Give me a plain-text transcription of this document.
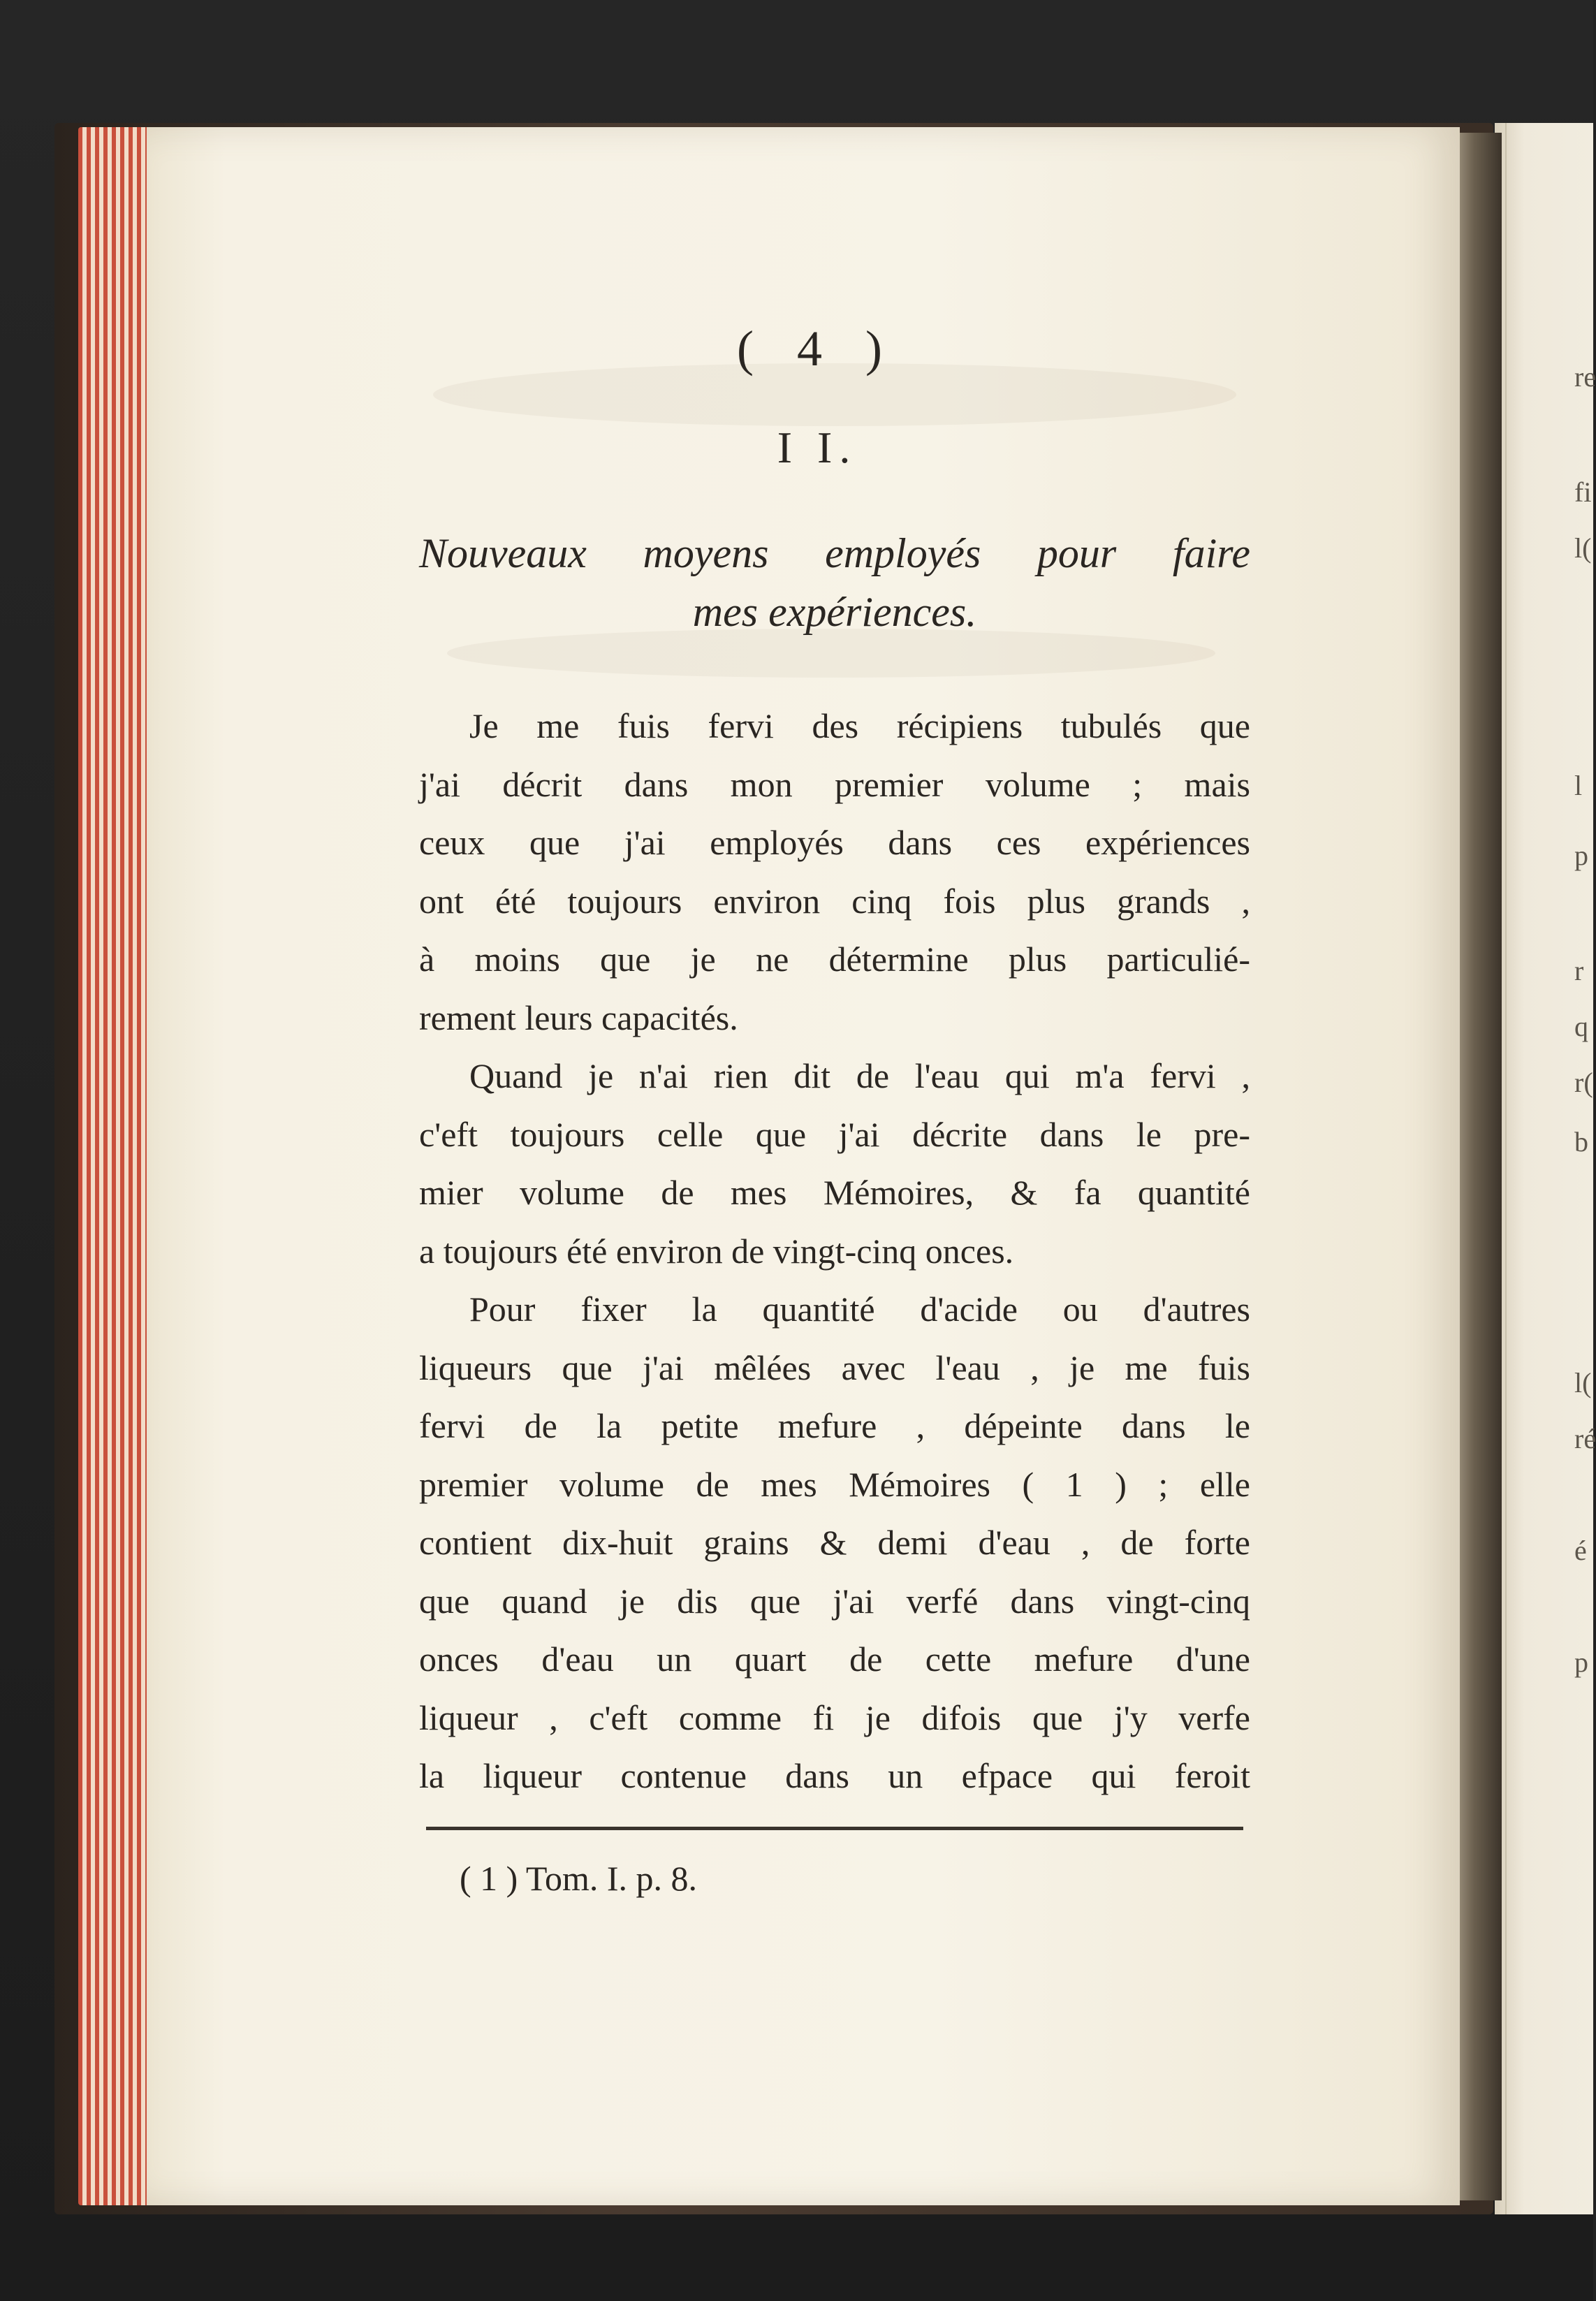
re
fi
l(
l
p
r
q
r(
b
l(
ré
é
p
( 4 )
I I.
Nouveaux moyens employés pour faire
mes expériences.
Je me fuis fervi des récipiens tubulés que
j'ai décrit dans mon premier volume ; mais
ceux que j'ai employés dans ces expériences
ont été toujours environ cinq fois plus grands ,
à moins que je ne détermine plus particulié-
rement leurs capacités.
Quand je n'ai rien dit de l'eau qui m'a fervi ,
c'eft toujours celle que j'ai décrite dans le pre-
mier volume de mes Mémoires, & fa quantité
a toujours été environ de vingt-cinq onces.
Pour fixer la quantité d'acide ou d'autres
liqueurs que j'ai mêlées avec l'eau , je me fuis
fervi de la petite mefure , dépeinte dans le
premier volume de mes Mémoires ( 1 ) ; elle
contient dix-huit grains & demi d'eau , de forte
que quand je dis que j'ai verfé dans vingt-cinq
onces d'eau un quart de cette mefure d'une
liqueur , c'eft comme fi je difois que j'y verfe
la liqueur contenue dans un efpace qui feroit
( 1 ) Tom. I. p. 8.
